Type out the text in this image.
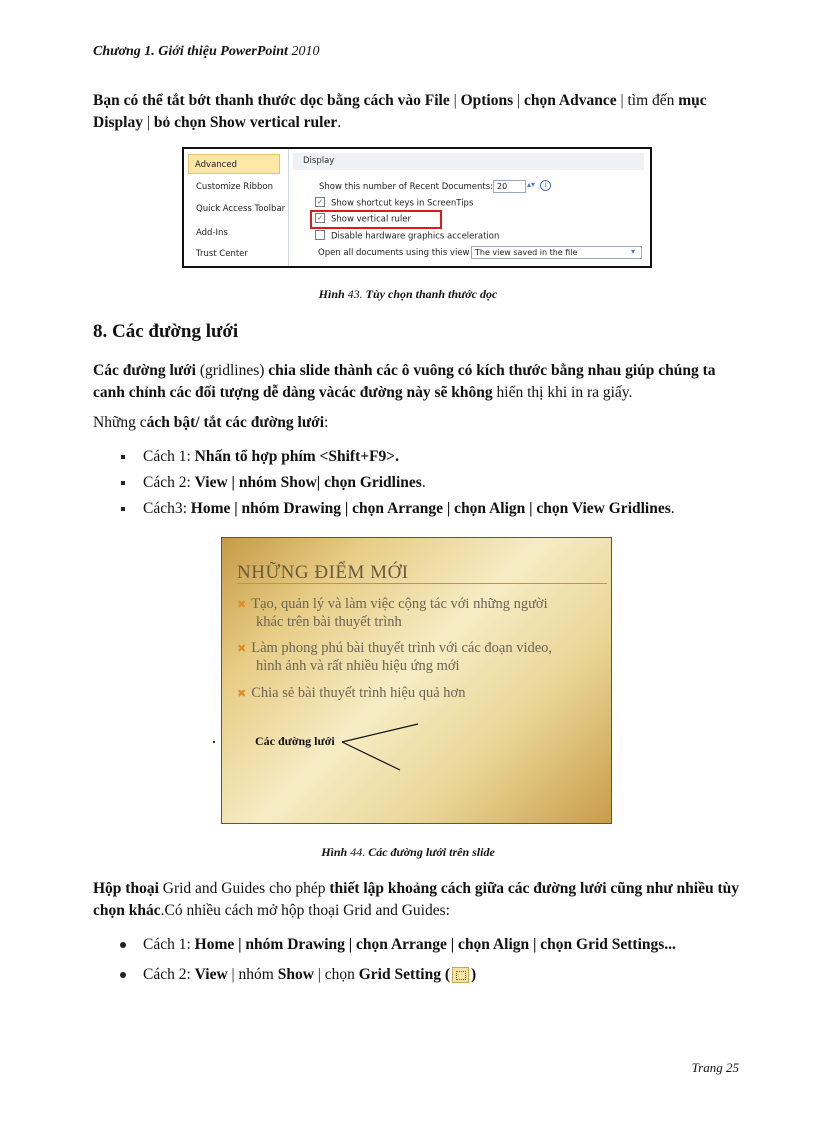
Chương 1. Giới thiệu PowerPoint 2010
Bạn có thể tắt bớt thanh thước dọc bằng cách vào File | Options | chọn Advance | tìm đến mục
Display | bỏ chọn Show vertical ruler.
Advanced
Customize Ribbon
Quick Access Toolbar
Add-Ins
Trust Center
Display
Show this number of Recent Documents: 20	▴▾	i
✓ Show shortcut keys in ScreenTips
✓ Show vertical ruler
Disable hardware graphics acceleration
Open all documents using this view The view saved in the file	▾
Hình 43. Tùy chọn thanh thước dọc
8. Các đường lưới
Các đường lưới (gridlines) chia slide thành các ô vuông có kích thước bằng nhau giúp chúng ta canh chỉnh các đối tượng dễ dàng vàcác đường này sẽ không hiển thị khi in ra giấy.
Những cách bật/ tắt các đường lưới:
Cách 1: Nhấn tổ hợp phím <Shift+F9>.
Cách 2: View | nhóm Show| chọn Gridlines.
Cách3: Home | nhóm Drawing | chọn Arrange | chọn Align | chọn View Gridlines.
NHỮNG ĐIỂM MỚI
✖ Tạo, quản lý và làm việc cộng tác với những người
khác trên bài thuyết trình
✖ Làm phong phú bài thuyết trình với các đoạn video,
hình ảnh và rất nhiều hiệu ứng mới
✖ Chia sẻ bài thuyết trình hiệu quả hơn
Các đường lưới
Hình 44. Các đường lưới trên slide
Hộp thoại Grid and Guides cho phép thiết lập khoảng cách giữa các đường lưới cũng như nhiều tùy chọn khác.Có nhiều cách mở hộp thoại Grid and Guides:
Cách 1: Home | nhóm Drawing | chọn Arrange | chọn Align | chọn Grid Settings...
Cách 2: View | nhóm Show | chọn Grid Setting ( )
Trang 25
